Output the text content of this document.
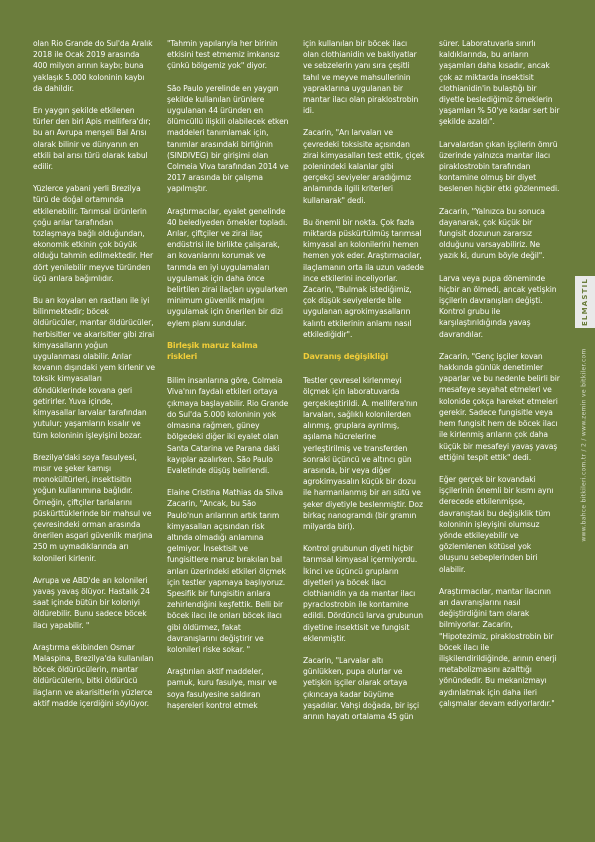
olan Rio Grande do Sul'da Aralık 2018 ile Ocak 2019 arasında 400 milyon arının kaybı; buna yaklaşık 5.000 koloninin kaybı da dahildir.

En yaygın şekilde etkilenen türler den biri Apis mellifera'dır; bu arı Avrupa menşeli Bal Arısı olarak bilinir ve dünyanın en etkili bal arısı türü olarak kabul edilir.

Yüzlerce yabani yerli Brezilya türü de doğal ortamında etkilenebilir. Tarımsal ürünlerin çoğu arılar tarafından tozlaşmaya bağlı olduğundan, ekonomik etkinin çok büyük olduğu tahmin edilmektedir. Her dört yenilebilir meyve türünden üçü arılara bağımlıdır.

Bu arı koyaları en rastlanı ile iyi bilinmektedir; böcek öldürücüler, mantar öldürücüler, herbisitler ve akarisitler gibi zirai kimyasalların yoğun uygulanması olabilir. Arılar kovanın dışındaki yem kirlenir ve toksik kimyasalları döndüklerinde kovana geri getirirler. Yuva içinde, kimyasallar larvalar tarafından yutulur; yaşamların kısalır ve tüm koloninin işleyişini bozar.

Brezilya'daki soya fasulyesi, mısır ve şeker kamışı monokültürleri, insektisitin yoğun kullanımına bağlıdır. Örneğin, çiftçiler tarlalarını püskürttüklerinde bir mahsul ve çevresindeki orman arasında önerilen asgari güvenlik marjına 250 m uymadıklarında arı kolonileri kirlenir.

Avrupa ve ABD'de arı kolonileri yavaş yavaş ölüyor. Hastalık 24 saat içinde bütün bir koloniyi öldürebilir. Bunu sadece böcek ilacı yapabilir. "

Araştırma ekibinden Osmar Malaspina, Brezilya'da kullanılan böcek öldürücülerin, mantar öldürücülerin, bitki öldürücü ilaçların ve akarisitlerin yüzlerce aktif madde içerdiğini söylüyor.

"Tahmin yapılarıyla her birinin etkisini test etmemiz imkansız çünkü bölgemiz yok" diyor.

São Paulo yerelinde en yaygın şekilde kullanılan ürünlere uygulanan 44 üründen en ölümcüllü ilişkili olabilecek etken maddeleri tanımlamak için, tanımlar arasındaki birliğinin (SINDIVEG) bir girişimi olan Colmeia Viva tarafından 2014 ve 2017 arasında bir çalışma yapılmıştır.

Araştırmacılar, eyalet genelinde 40 belediyeden örnekler topladı. Arılar, çiftçiler ve zirai ilaç endüstrisi ile birlikte çalışarak, arı kovanlarını korumak ve tarımda en iyi uygulamaları uygulamak için daha önce belirtilen zirai ilaçları uygularken minimum güvenlik marjını uygulamak için önerilen bir dizi eylem planı sundular.

Birleşik maruz kalma riskleri

Bilim insanlarına göre, Colmeia Viva'nın faydalı etkileri ortaya çıkmaya başlayabilir. Rio Grande do Sul'da 5.000 koloninin yok olmasına rağmen, güney bölgedeki diğer iki eyalet olan Santa Catarina ve Parana daki kayıplar azalırken. São Paulo Evaletinde düşüş belirlendi.

Elaine Cristina Mathias da Silva Zacarin, "Ancak, bu São Paulo'nun arılarının artık tarım kimyasalları açısından risk altında olmadığı anlamına gelmiyor. İnsektisit ve fungisitlere maruz bırakılan bal arıları üzerindeki etkileri ölçmek için testler yapmaya başlıyoruz. Spesifik bir fungisitin arılara zehirlendiğini keşfettik. Belli bir böcek ilacı ile onları böcek ilacı gibi öldürmez, fakat davranışlarını değiştirir ve kolonileri riske sokar. "

Araştırılan aktif maddeler, pamuk, kuru fasulye, mısır ve soya fasulyesine saldıran haşereleri kontrol etmek

için kullanılan bir böcek ilacı olan clothianidin ve bakliyatlar ve sebzelerin yanı sıra çeşitli tahıl ve meyve mahsullerinin yapraklarına uygulanan bir mantar ilacı olan piraklostrobin idi.

Zacarin, "Arı larvaları ve çevredeki toksisite açısından zirai kimyasalları test ettik, çiçek polenindeki kalanlar gibi gerçekçi seviyeler aradığımız anlamında ilgili kriterleri kullanarak" dedi.

Bu önemli bir nokta. Çok fazla miktarda püskürtülmüş tarımsal kimyasal arı kolonilerini hemen hemen yok eder. Araştırmacılar, ilaçlamanın orta ila uzun vadede ince etkilerini inceliyorlar. Zacarin, "Bulmak istediğimiz, çok düşük seviyelerde bile uygulanan agrokimyasalların kalıntı etkilerinin anlamı nasıl etkilediğidir".

Davranış değişikliği

Testler çevresel kirlenmeyi ölçmek için laboratuvarda gerçekleştirildi. A. mellifera'nın larvaları, sağlıklı kolonilerden alınmış, gruplara ayrılmış, aşılama hücrelerine yerleştirilmiş ve transferden sonraki üçüncü ve altıncı gün arasında, bir veya diğer agrokimyasalın küçük bir dozu ile harmanlanmış bir arı sütü ve şeker diyetiyle beslenmiştir. Doz birkaç nanogramdı (bir gramın milyarda biri).

Kontrol grubunun diyeti hiçbir tarımsal kimyasal içermiyordu. İkinci ve üçüncü grupların diyetleri ya böcek ilacı clothianidin ya da mantar ilacı pyraclostrobin ile kontamine edildi. Dördüncü larva grubunun diyetine insektisit ve fungisit eklenmiştir.

Zacarin, "Larvalar altı günlükken, pupa olurlar ve yetişkin işçiler olarak ortaya çıkıncaya kadar büyüme yaşadılar. Vahşi doğada, bir işçi arının hayatı ortalama 45 gün

sürer. Laboratuvarla sınırlı kaldıklarında, bu arıların yaşamları daha kısadır, ancak çok az miktarda insektisit clothianidin'in bulaştığı bir diyetle beslediğimiz örneklerin yaşamları % 50'ye kadar sert bir şekilde azaldı".

Larvalardan çıkan işçilerin ömrü üzerinde yalnızca mantar ilacı piraklostrobin tarafından kontamine olmuş bir diyet beslenen hiçbir etki gözlenmedi.

Zacarin, "Yalnızca bu sonuca dayanarak, çok küçük bir fungisit dozunun zararsız olduğunu varsayabiliriz. Ne yazık ki, durum böyle değil".

Larva veya pupa döneminde hiçbir an ölmedi, ancak yetişkin işçilerin davranışları değişti. Kontrol grubu ile karşılaştırıldığında yavaş davrandılar.

Zacarin, "Genç işçiler kovan hakkında günlük denetimler yaparlar ve bu nedenle belirli bir mesafeye seyahat etmeleri ve kolonide çokça hareket etmeleri gerekir. Sadece fungisitle veya hem fungisit hem de böcek ilacı ile kirlenmiş arıların çok daha küçük bir mesafeyi yavaş yavaş ettiğini tespit ettik" dedi.

Eğer gerçek bir kovandaki işçilerinin önemli bir kısmı aynı derecede etkilenmişse, davranıştaki bu değişiklik tüm koloninin işleyişini olumsuz yönde etkileyebilir ve gözlemlenen kötüsel yok oluşunu sebeplerinden biri olabilir.

Araştırmacılar, mantar ilacının arı davranışlarını nasıl değiştirdiğini tam olarak bilmiyorlar. Zacarin, "Hipotezimiz, piraklostrobin bir böcek ilacı ile ilişkilendirildiğinde, arının enerji metabolizmasını azalttığı yönündedir. Bu mekanizmayı aydınlatmak için daha ileri çalışmalar devam ediyorlardır."

ELMASTIL
www.bahce bitkileri.com.tr / 2 / www.zemin ve bitkiler.com
